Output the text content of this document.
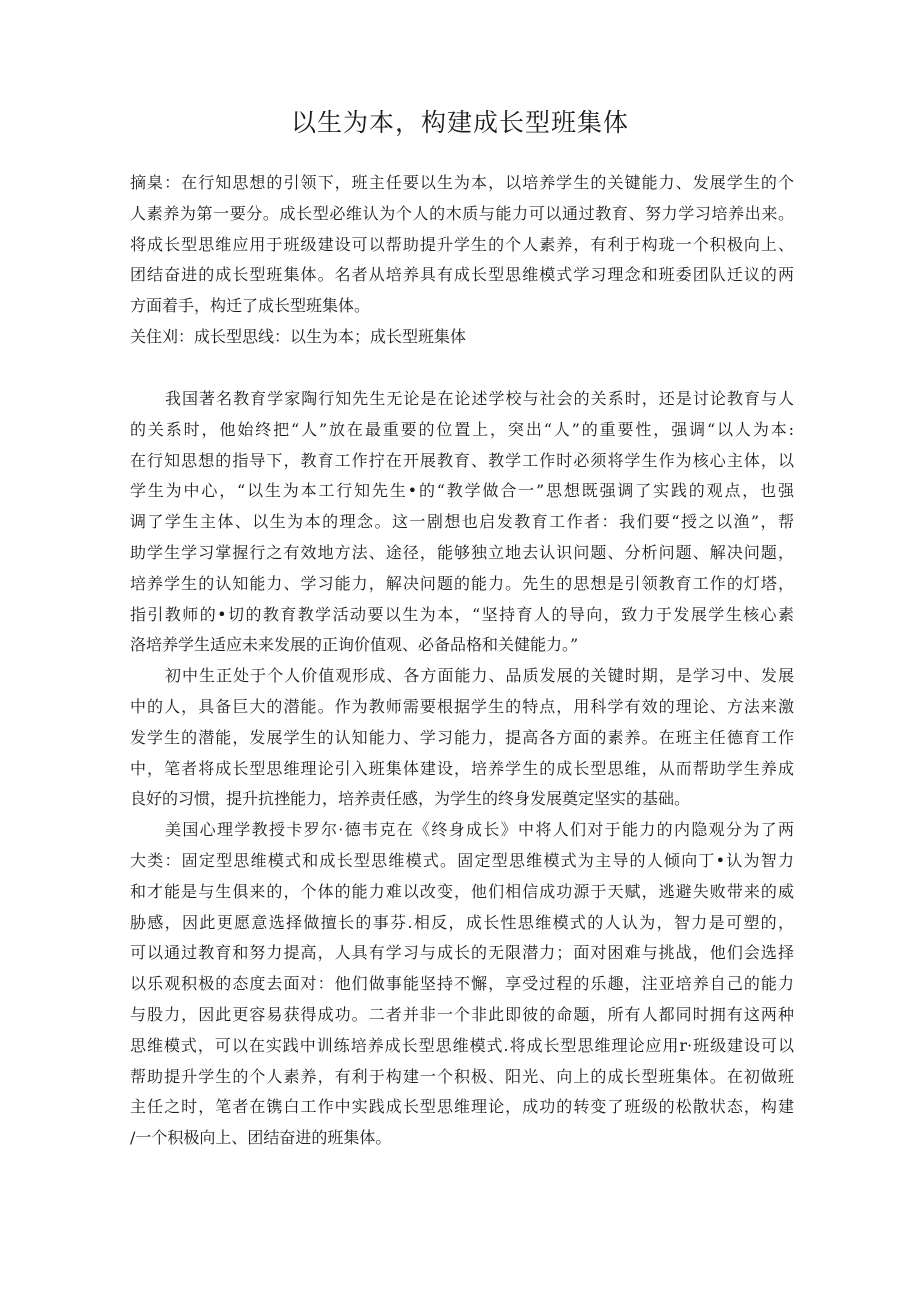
以生为本，构建成长型班集体
摘臬：在行知思想的引领下，班主任要以生为本，以培养学生的关键能力、发展学生的个
人素养为第一要分。成长型必维认为个人的木质与能力可以通过教育、努力学习培养出来。
将成长型思维应用于班级建设可以帮助提升学生的个人素养，有利于构珑一个积极向上、
团结奋进的成长型班集体。名者从培养具有成长型思维模式学习理念和班委团队迁议的两
方面着手，构迁了成长型班集体。
关住刈：成长型思线：以生为本；成长型班集体
我国著名教育学家陶行知先生无论是在论述学校与社会的关系时，还是讨论教育与人
的关系时，他始终把“人”放在最重要的位置上，突出“人”的重要性，强调“以人为本:
在行知思想的指导下，教育工作拧在开展教育、教学工作时必须将学生作为核心主体，以
学生为中心，“以生为本工行知先生•的“教学做合一”思想既强调了实践的观点，也强
调了学生主体、以生为本的理念。这一剧想也启发教育工作者：我们要“授之以渔”，帮
助学生学习掌握行之有效地方法、途径，能够独立地去认识问题、分析问题、解决问题，
培养学生的认知能力、学习能力，解决问题的能力。先生的思想是引领教育工作的灯塔，
指引教师的•切的教育教学活动要以生为本，“坚持育人的导向，致力于发展学生核心素
洛培养学生适应未来发展的正询价值观、必备品格和关健能力。”
初中生正处于个人价值观形成、各方面能力、品质发展的关键时期，是学习中、发展
中的人，具备巨大的潜能。作为教师需要根据学生的特点，用科学有效的理论、方法来激
发学生的潜能，发展学生的认知能力、学习能力，提高各方面的素养。在班主任德育工作
中，笔者将成长型思维理论引入班集体建设，培养学生的成长型思维，从而帮助学生养成
良好的习惯，提升抗挫能力，培养责任感，为学生的终身发展奠定坚实的基础。
美国心理学教授卡罗尔·德韦克在《终身成长》中将人们对于能力的内隐观分为了两
大类：固定型思维模式和成长型思维模式。固定型思维模式为主导的人倾向丁•认为智力
和才能是与生俱来的，个体的能力难以改变，他们相信成功源于天赋，逃避失败带来的威
胁感，因此更愿意选择做擅长的事芬.相反，成长性思维模式的人认为，智力是可塑的，
可以通过教育和努力提高，人具有学习与成长的无限潜力；面对困难与挑战，他们会选择
以乐观积极的态度去面对：他们做事能坚持不懈，享受过程的乐趣，注亚培养自己的能力
与股力，因此更容易获得成功。二者并非一个非此即彼的命题，所有人都同时拥有这两种
思维模式，可以在实践中训练培养成长型思维模式.将成长型思维理论应用r·班级建设可以
帮助提升学生的个人素养，有利于构建一个积极、阳光、向上的成长型班集体。在初做班
主任之时，笔者在镌白工作中实践成长型思维理论，成功的转变了班级的松散状态，构建
/一个积极向上、团结奋进的班集体。
